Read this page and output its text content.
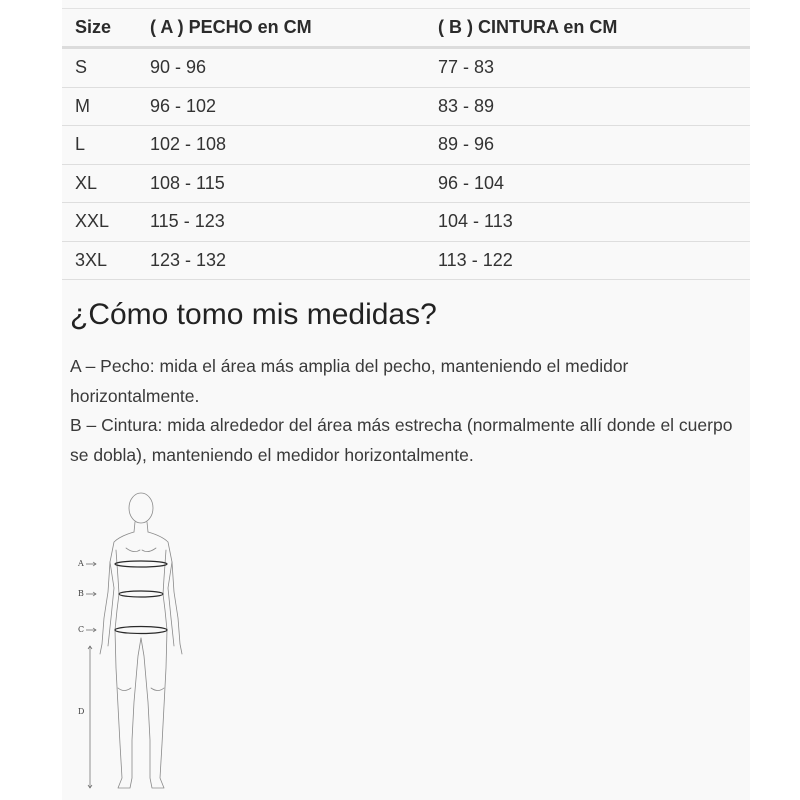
Size	( A ) PECHO en CM	( B ) CINTURA en CM
S	90 - 96	77 - 83
M	96 - 102	83 - 89
L	102 - 108	89 - 96
XL	108 - 115	96 - 104
XXL	115 - 123	104 - 113
3XL	123 - 132	113 - 122
¿Cómo tomo mis medidas?

A – Pecho: mida el área más amplia del pecho, manteniendo el medidor horizontalmente.

B – Cintura: mida alrededor del área más estrecha (normalmente allí donde el cuerpo se dobla), manteniendo el medidor horizontalmente.

A
B
C
D
